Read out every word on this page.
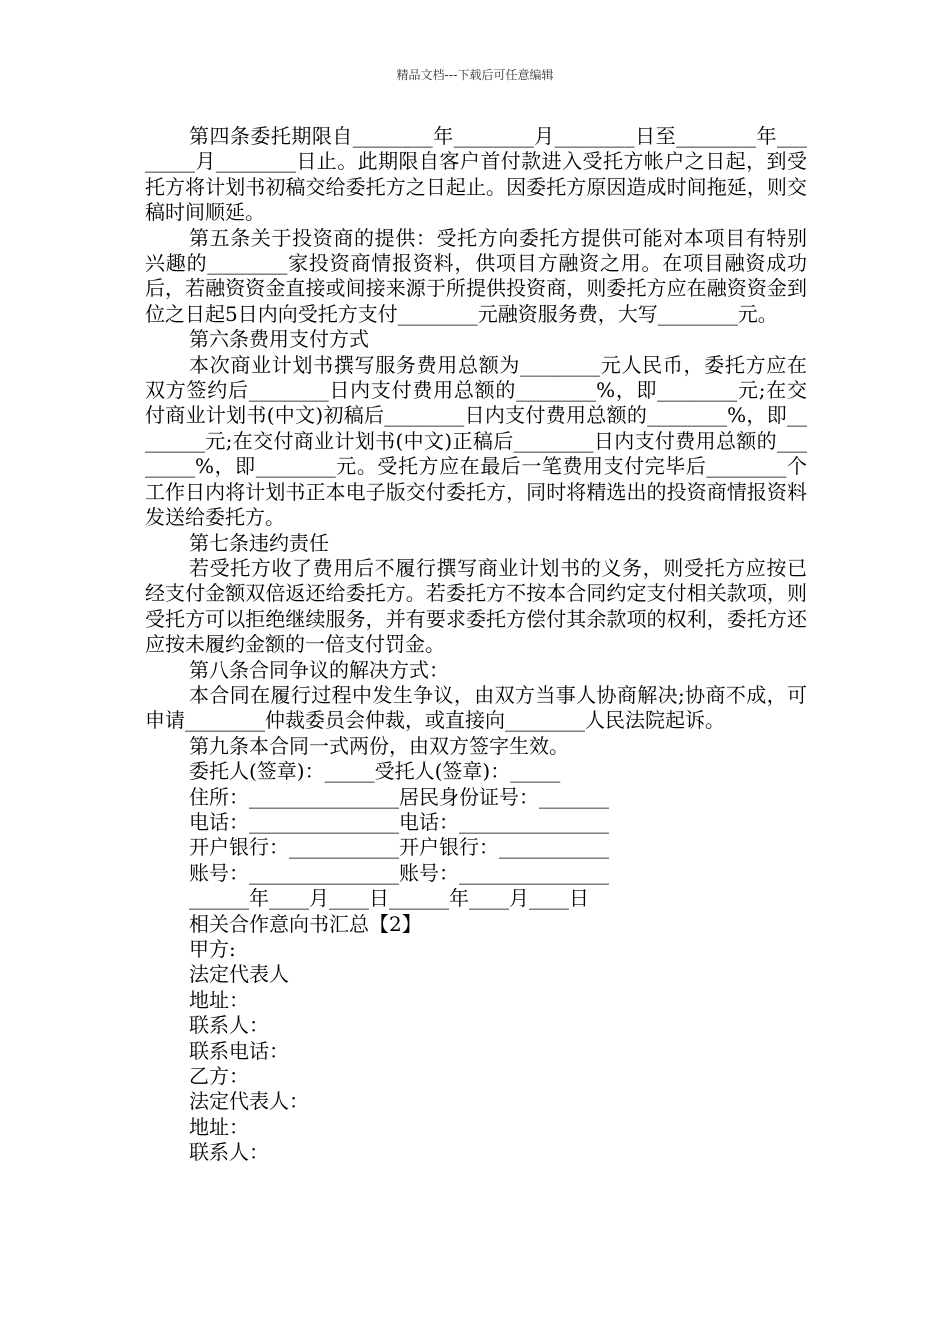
精品文档---下载后可任意编辑

第四条委托期限自________年________月________日至________年________月________日止。此期限自客户首付款进入受托方帐户之日起，到受托方将计划书初稿交给委托方之日起止。因委托方原因造成时间拖延，则交稿时间顺延。

第五条关于投资商的提供：受托方向委托方提供可能对本项目有特别兴趣的________家投资商情报资料，供项目方融资之用。在项目融资成功后，若融资资金直接或间接来源于所提供投资商，则委托方应在融资资金到位之日起5日内向受托方支付________元融资服务费，大写________元。

第六条费用支付方式

本次商业计划书撰写服务费用总额为________元人民币，委托方应在双方签约后________日内支付费用总额的________%，即________元;在交付商业计划书(中文)初稿后________日内支付费用总额的________%，即________元;在交付商业计划书(中文)正稿后________日内支付费用总额的________%，即________元。受托方应在最后一笔费用支付完毕后________个工作日内将计划书正本电子版交付委托方，同时将精选出的投资商情报资料发送给委托方。

第七条违约责任

若受托方收了费用后不履行撰写商业计划书的义务，则受托方应按已经支付金额双倍返还给委托方。若委托方不按本合同约定支付相关款项，则受托方可以拒绝继续服务，并有要求委托方偿付其余款项的权利，委托方还应按未履约金额的一倍支付罚金。

第八条合同争议的解决方式：

本合同在履行过程中发生争议，由双方当事人协商解决;协商不成，可申请________仲裁委员会仲裁，或直接向________人民法院起诉。

第九条本合同一式两份，由双方签字生效。

委托人(签章)：_____受托人(签章)：_____

住所：_______________居民身份证号：_______

电话：_______________电话：_______________

开户银行：___________开户银行：___________

账号：_______________账号：_______________

______年____月____日______年____月____日

相关合作意向书汇总【2】

甲方:

法定代表人

地址：

联系人：

联系电话：

乙方：

法定代表人：

地址：

联系人：
